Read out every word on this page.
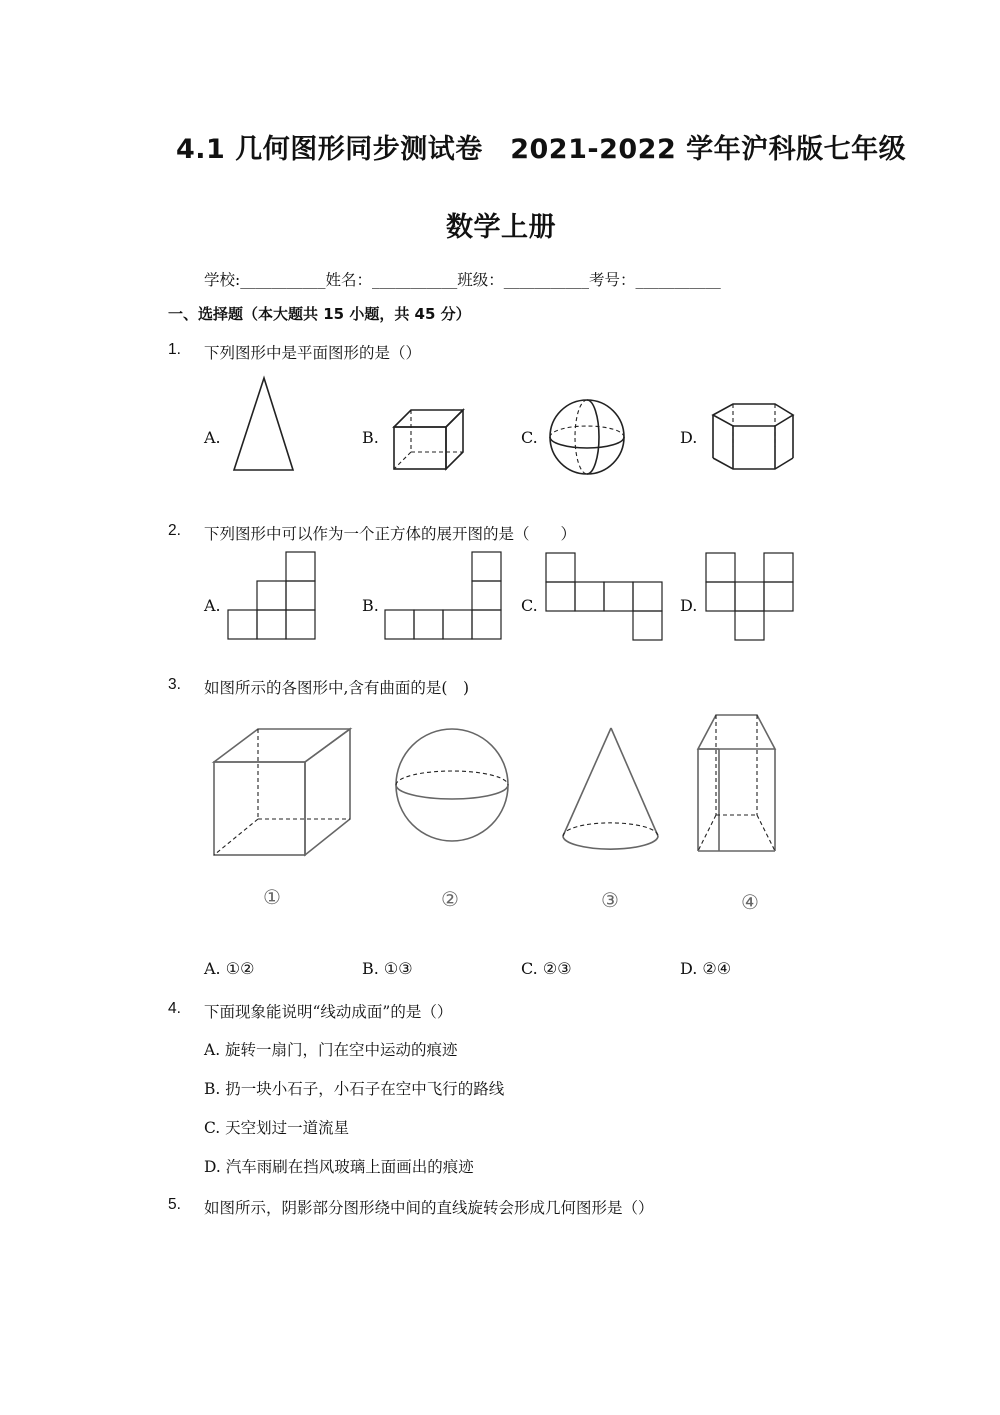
4.1 几何图形同步测试卷　2021-2022 学年沪科版七年级
数学上册
学校:___________姓名：___________班级：___________考号：___________
一、选择题（本大题共 15 小题，共 45 分）
1. 下列图形中是平面图形的是（）
A.	B.	C.	D.
2. 下列图形中可以作为一个正方体的展开图的是（　　）
A.	B.	C.	D.
3. 如图所示的各图形中,含有曲面的是(　)
①	②	③	④
A. ①②	B. ①③	C. ②③	D. ②④
4. 下面现象能说明“线动成面”的是（）
A. 旋转一扇门，门在空中运动的痕迹
B. 扔一块小石子，小石子在空中飞行的路线
C. 天空划过一道流星
D. 汽车雨刷在挡风玻璃上面画出的痕迹
5. 如图所示，阴影部分图形绕中间的直线旋转会形成几何图形是（）
